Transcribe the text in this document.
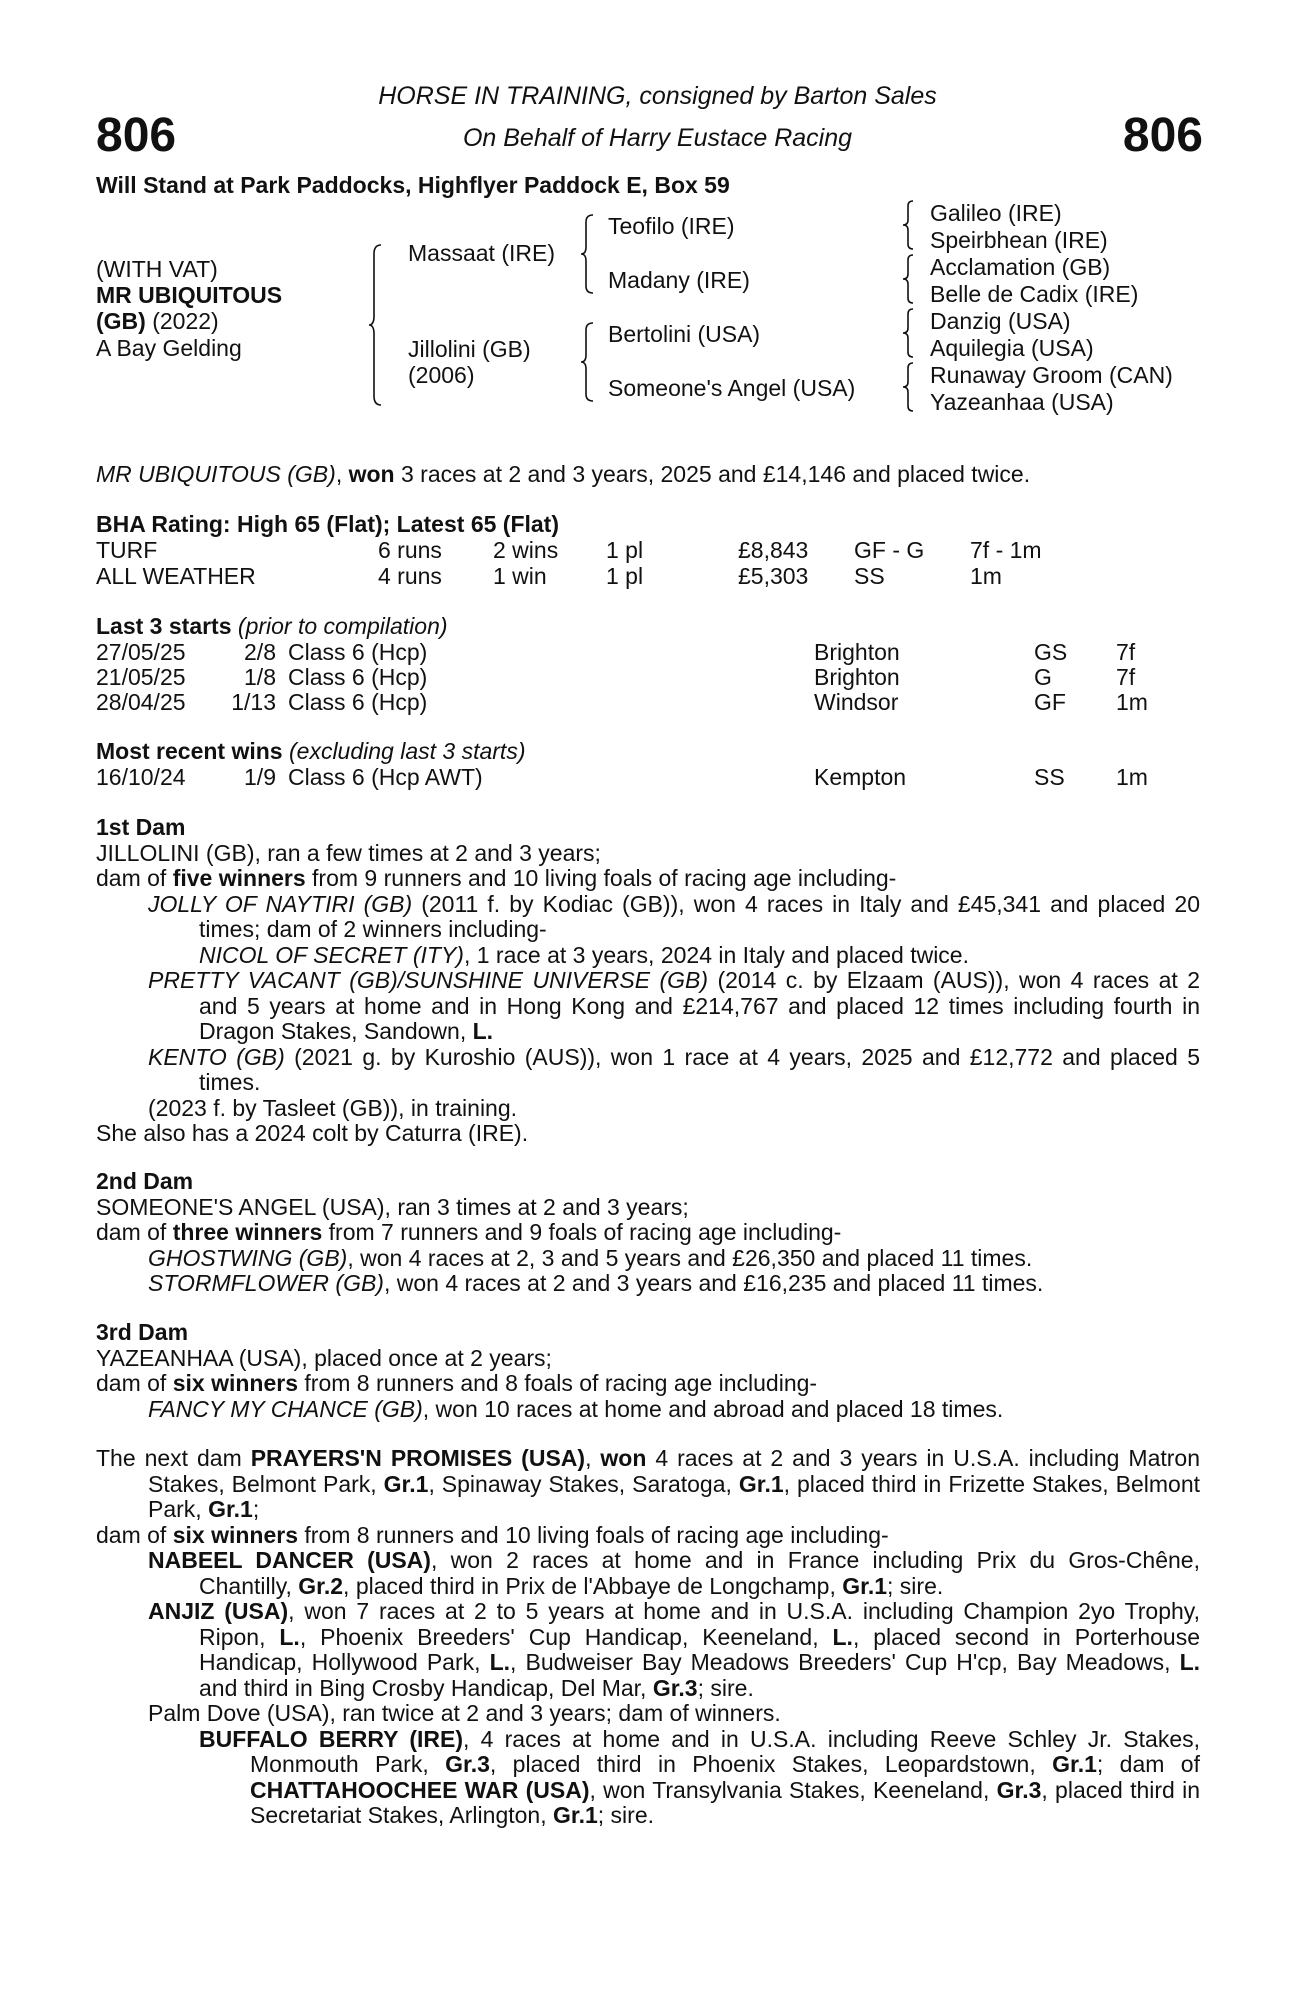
806	806
HORSE IN TRAINING, consigned by Barton Sales
On Behalf of Harry Eustace Racing
Will Stand at Park Paddocks, Highflyer Paddock E, Box 59
(WITH VAT)
MR UBIQUITOUS
(GB) (2022)
A Bay Gelding
Massaat (IRE)
Jillolini (GB)
(2006)
Teofilo (IRE)
Madany (IRE)
Bertolini (USA)
Someone's Angel (USA)
Galileo (IRE)
Speirbhean (IRE)
Acclamation (GB)
Belle de Cadix (IRE)
Danzig (USA)
Aquilegia (USA)
Runaway Groom (CAN)
Yazeanhaa (USA)
MR UBIQUITOUS (GB), won 3 races at 2 and 3 years, 2025 and £14,146 and placed twice.
BHA Rating: High 65 (Flat); Latest 65 (Flat)
TURF	6 runs 2 wins 1 pl	£8,843 GF - G 7f - 1m
ALL WEATHER	4 runs 1 win	1 pl	£5,303 SS	1m
Last 3 starts (prior to compilation)
27/05/25	2/8 Class 6 (Hcp)	Brighton	GS 7f
21/05/25	1/8 Class 6 (Hcp)	Brighton	G	7f
28/04/25	1/13 Class 6 (Hcp)	Windsor	GF 1m
Most recent wins (excluding last 3 starts)
16/10/24	1/9 Class 6 (Hcp AWT)	Kempton	SS 1m

1st Dam

JILLOLINI (GB), ran a few times at 2 and 3 years;

dam of five winners from 9 runners and 10 living foals of racing age including-

JOLLY OF NAYTIRI (GB) (2011 f. by Kodiac (GB)), won 4 races in Italy and £45,341 and placed 20 times; dam of 2 winners including-

NICOL OF SECRET (ITY), 1 race at 3 years, 2024 in Italy and placed twice.

PRETTY VACANT (GB)/SUNSHINE UNIVERSE (GB) (2014 c. by Elzaam (AUS)), won 4 races at 2 and 5 years at home and in Hong Kong and £214,767 and placed 12 times including fourth in Dragon Stakes, Sandown, L.

KENTO (GB) (2021 g. by Kuroshio (AUS)), won 1 race at 4 years, 2025 and £12,772 and placed 5 times.

(2023 f. by Tasleet (GB)), in training.

She also has a 2024 colt by Caturra (IRE).

2nd Dam

SOMEONE'S ANGEL (USA), ran 3 times at 2 and 3 years;

dam of three winners from 7 runners and 9 foals of racing age including-

GHOSTWING (GB), won 4 races at 2, 3 and 5 years and £26,350 and placed 11 times.

STORMFLOWER (GB), won 4 races at 2 and 3 years and £16,235 and placed 11 times.

3rd Dam

YAZEANHAA (USA), placed once at 2 years;

dam of six winners from 8 runners and 8 foals of racing age including-

FANCY MY CHANCE (GB), won 10 races at home and abroad and placed 18 times.

The next dam PRAYERS'N PROMISES (USA), won 4 races at 2 and 3 years in U.S.A. including Matron Stakes, Belmont Park, Gr.1, Spinaway Stakes, Saratoga, Gr.1, placed third in Frizette Stakes, Belmont Park, Gr.1;

dam of six winners from 8 runners and 10 living foals of racing age including-

NABEEL DANCER (USA), won 2 races at home and in France including Prix du Gros-Chêne, Chantilly, Gr.2, placed third in Prix de l'Abbaye de Longchamp, Gr.1; sire.

ANJIZ (USA), won 7 races at 2 to 5 years at home and in U.S.A. including Champion 2yo Trophy, Ripon, L., Phoenix Breeders' Cup Handicap, Keeneland, L., placed second in Porterhouse Handicap, Hollywood Park, L., Budweiser Bay Meadows Breeders' Cup H'cp, Bay Meadows, L. and third in Bing Crosby Handicap, Del Mar, Gr.3; sire.

Palm Dove (USA), ran twice at 2 and 3 years; dam of winners.

BUFFALO BERRY (IRE), 4 races at home and in U.S.A. including Reeve Schley Jr. Stakes, Monmouth Park, Gr.3, placed third in Phoenix Stakes, Leopardstown, Gr.1; dam of CHATTAHOOCHEE WAR (USA), won Transylvania Stakes, Keeneland, Gr.3, placed third in Secretariat Stakes, Arlington, Gr.1; sire.
